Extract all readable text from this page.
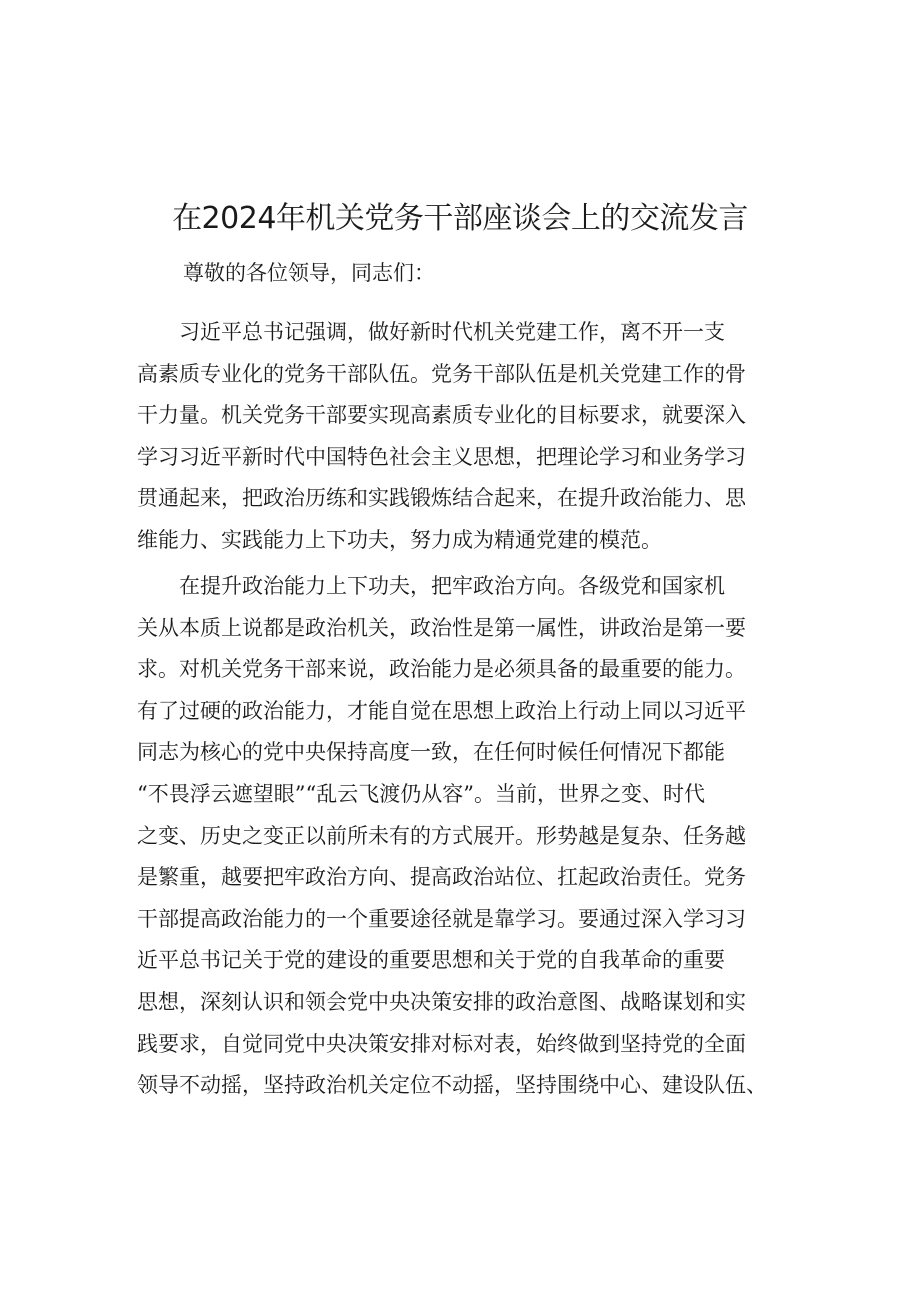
在2024年机关党务干部座谈会上的交流发言
尊敬的各位领导，同志们：
　　习近平总书记强调，做好新时代机关党建工作，离不开一支
高素质专业化的党务干部队伍。党务干部队伍是机关党建工作的骨
干力量。机关党务干部要实现高素质专业化的目标要求，就要深入
学习习近平新时代中国特色社会主义思想，把理论学习和业务学习
贯通起来，把政治历练和实践锻炼结合起来，在提升政治能力、思
维能力、实践能力上下功夫，努力成为精通党建的模范。
　　在提升政治能力上下功夫，把牢政治方向。各级党和国家机
关从本质上说都是政治机关，政治性是第一属性，讲政治是第一要
求。对机关党务干部来说，政治能力是必须具备的最重要的能力。
有了过硬的政治能力，才能自觉在思想上政治上行动上同以习近平
同志为核心的党中央保持高度一致，在任何时候任何情况下都能
“不畏浮云遮望眼”“乱云飞渡仍从容”。当前，世界之变、时代
之变、历史之变正以前所未有的方式展开。形势越是复杂、任务越
是繁重，越要把牢政治方向、提高政治站位、扛起政治责任。党务
干部提高政治能力的一个重要途径就是靠学习。要通过深入学习习
近平总书记关于党的建设的重要思想和关于党的自我革命的重要
思想，深刻认识和领会党中央决策安排的政治意图、战略谋划和实
践要求，自觉同党中央决策安排对标对表，始终做到坚持党的全面
领导不动摇，坚持政治机关定位不动摇，坚持围绕中心、建设队伍、
